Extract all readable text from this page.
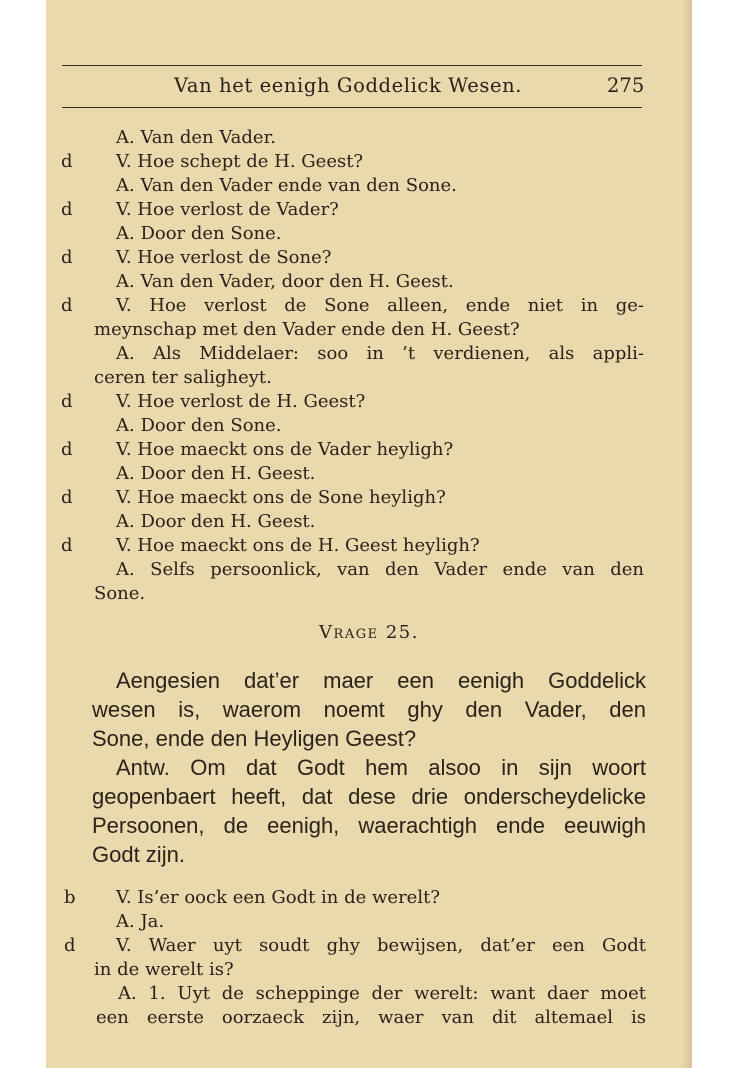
Van het eenigh Goddelick Wesen.	275
A. Van den Vader.
d V. Hoe schept de H. Geest?
A. Van den Vader ende van den Sone.
d V. Hoe verlost de Vader?
A. Door den Sone.
d V. Hoe verlost de Sone?
A. Van den Vader, door den H. Geest.
d V. Hoe verlost de Sone alleen, ende niet in ge-
meynschap met den Vader ende den H. Geest?
A. Als Middelaer: soo in ’t verdienen, als appli-
ceren ter saligheyt.
d V. Hoe verlost de H. Geest?
A. Door den Sone.
d V. Hoe maeckt ons de Vader heyligh?
A. Door den H. Geest.
d V. Hoe maeckt ons de Sone heyligh?
A. Door den H. Geest.
d V. Hoe maeckt ons de H. Geest heyligh?
A. Selfs persoonlick, van den Vader ende van den
Sone.
Vrage 25.
Aengesien dat’er maer een eenigh Goddelick
wesen is, waerom noemt ghy den Vader, den
Sone, ende den Heyligen Geest?
Antw. Om dat Godt hem alsoo in sijn woort
geopenbaert heeft, dat dese drie onderscheydelicke
Persoonen, de eenigh, waerachtigh ende eeuwigh
Godt zijn.
b V. Is’er oock een Godt in de werelt?
A. Ja.
d V. Waer uyt soudt ghy bewijsen, dat’er een Godt
in de werelt is?
A. 1. Uyt de scheppinge der werelt: want daer moet
een eerste oorzaeck zijn, waer van dit altemael is
